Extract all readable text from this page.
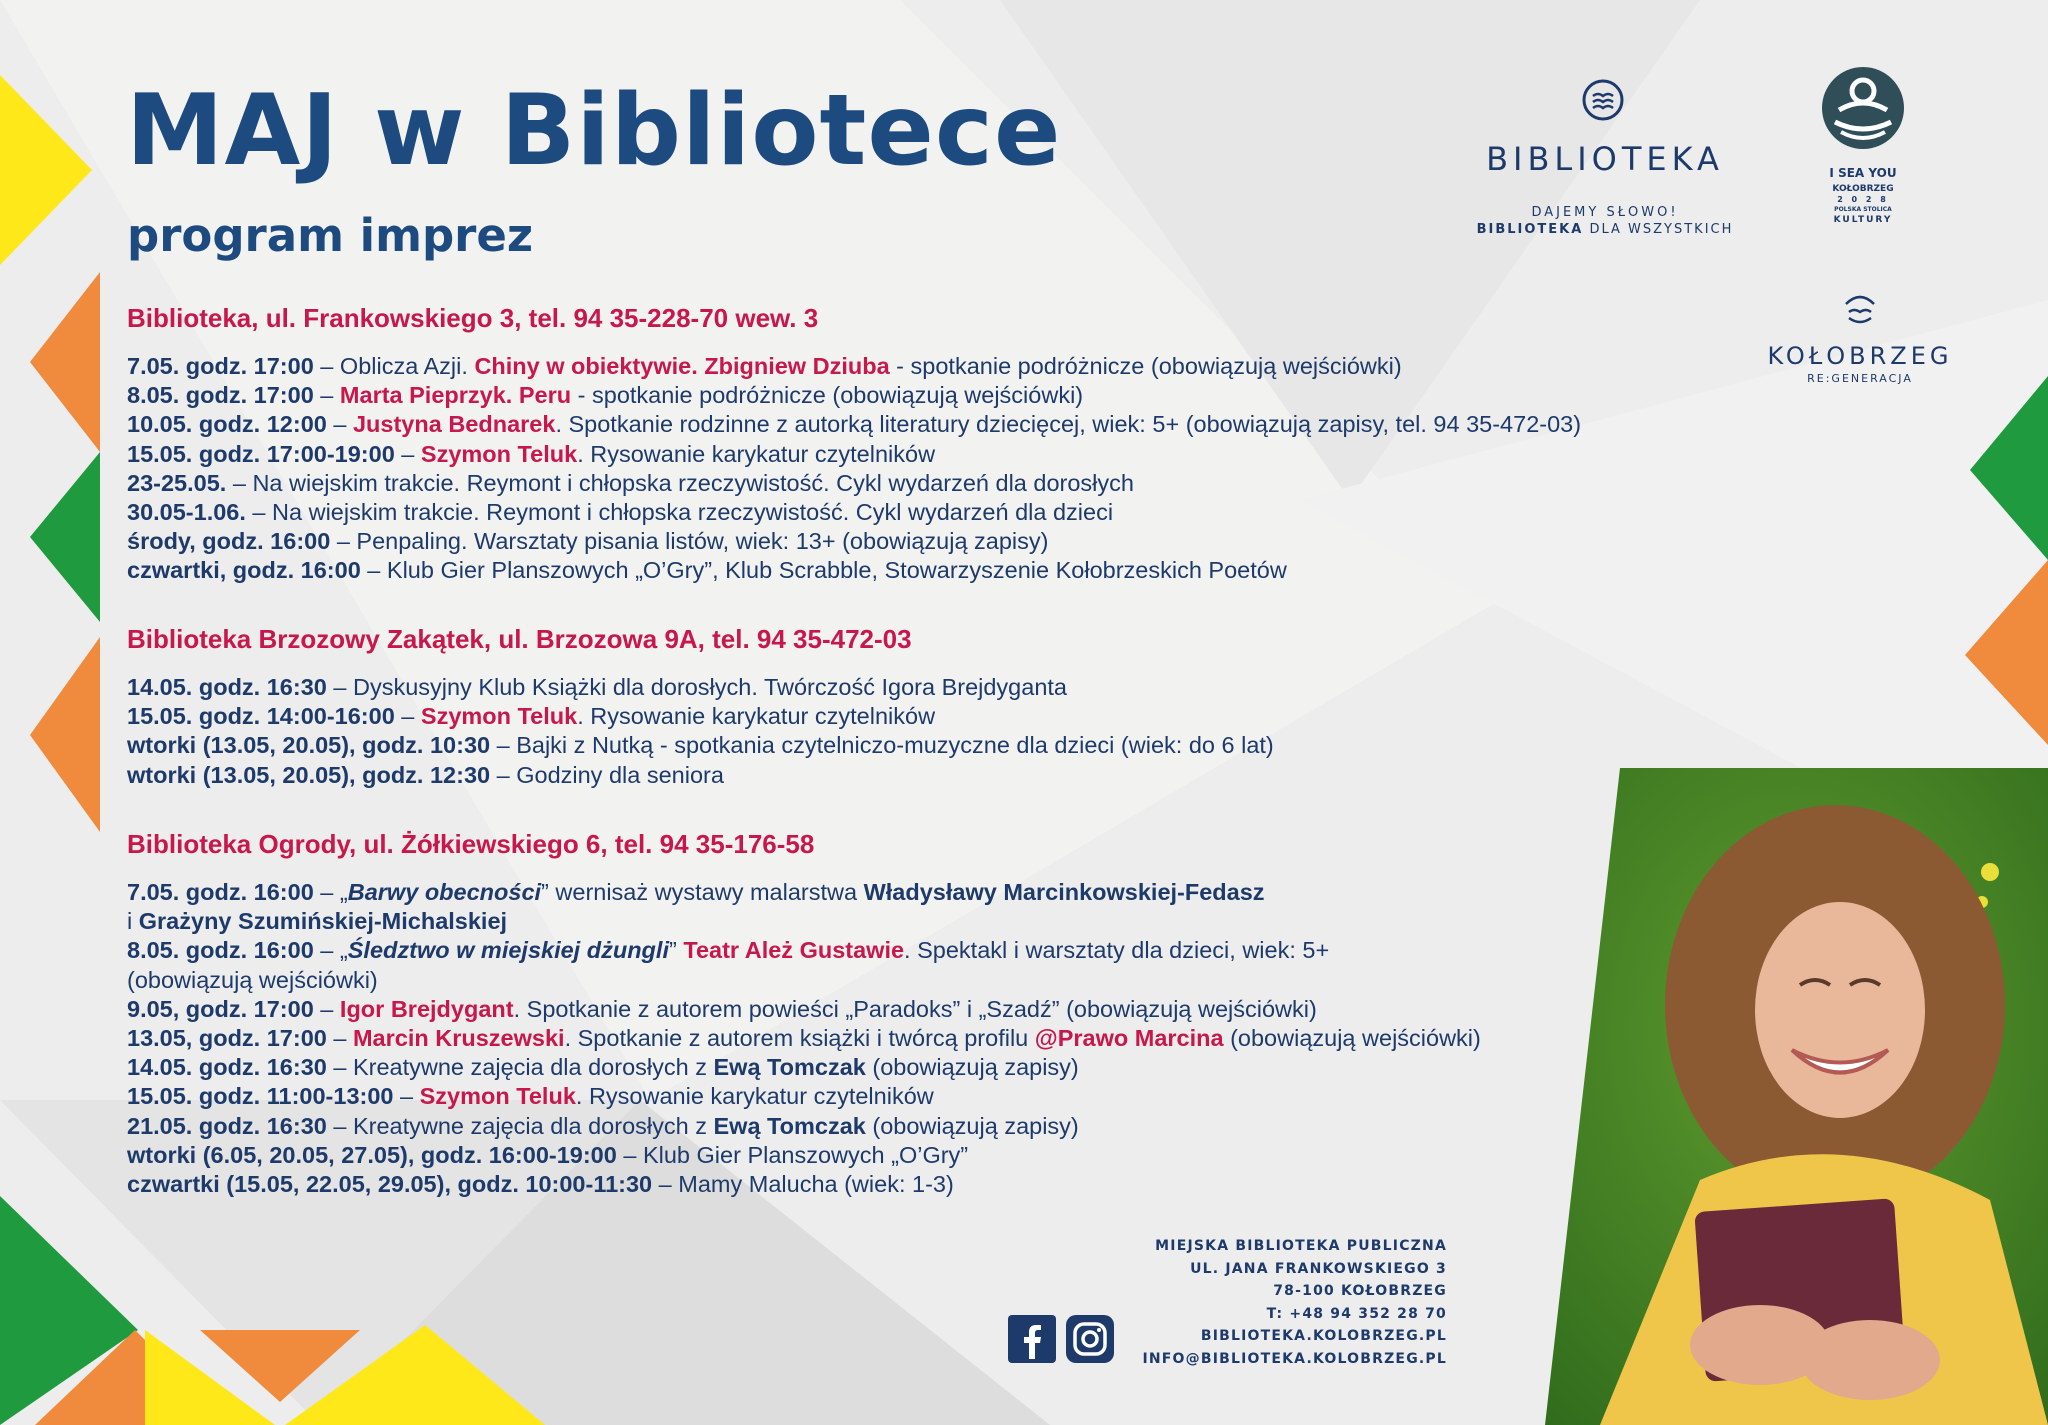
MAJ w Bibliotece
program imprez
BIBLIOTEKA
DAJEMY SŁOWO!
BIBLIOTEKA DLA WSZYSTKICH
I SEA YOU
KOŁOBRZEG
2 0 2 8
POLSKA STOLICA
KULTURY
KOŁOBRZEG
RE:GENERACJA
Biblioteka, ul. Frankowskiego 3, tel. 94 35-228-70 wew. 3
7.05. godz. 17:00 – Oblicza Azji. Chiny w obiektywie. Zbigniew Dziuba - spotkanie podróżnicze (obowiązują wejściówki)
8.05. godz. 17:00 – Marta Pieprzyk. Peru - spotkanie podróżnicze (obowiązują wejściówki)
10.05. godz. 12:00 – Justyna Bednarek. Spotkanie rodzinne z autorką literatury dziecięcej, wiek: 5+ (obowiązują zapisy, tel. 94 35-472-03)
15.05. godz. 17:00-19:00 – Szymon Teluk. Rysowanie karykatur czytelników
23-25.05. – Na wiejskim trakcie. Reymont i chłopska rzeczywistość. Cykl wydarzeń dla dorosłych
30.05-1.06. – Na wiejskim trakcie. Reymont i chłopska rzeczywistość. Cykl wydarzeń dla dzieci
środy, godz. 16:00 – Penpaling. Warsztaty pisania listów, wiek: 13+ (obowiązują zapisy)
czwartki, godz. 16:00 – Klub Gier Planszowych „O’Gry”, Klub Scrabble, Stowarzyszenie Kołobrzeskich Poetów
Biblioteka Brzozowy Zakątek, ul. Brzozowa 9A, tel. 94 35-472-03
14.05. godz. 16:30 – Dyskusyjny Klub Książki dla dorosłych. Twórczość Igora Brejdyganta
15.05. godz. 14:00-16:00 – Szymon Teluk. Rysowanie karykatur czytelników
wtorki (13.05, 20.05), godz. 10:30 – Bajki z Nutką - spotkania czytelniczo-muzyczne dla dzieci (wiek: do 6 lat)
wtorki (13.05, 20.05), godz. 12:30 – Godziny dla seniora
Biblioteka Ogrody, ul. Żółkiewskiego 6, tel. 94 35-176-58
7.05. godz. 16:00 – „Barwy obecności” wernisaż wystawy malarstwa Władysławy Marcinkowskiej-Fedasz
i Grażyny Szumińskiej-Michalskiej
8.05. godz. 16:00 – „Śledztwo w miejskiej dżungli” Teatr Ależ Gustawie. Spektakl i warsztaty dla dzieci, wiek: 5+
(obowiązują wejściówki)
9.05, godz. 17:00 – Igor Brejdygant. Spotkanie z autorem powieści „Paradoks” i „Szadź” (obowiązują wejściówki)
13.05, godz. 17:00 – Marcin Kruszewski. Spotkanie z autorem książki i twórcą profilu @Prawo Marcina (obowiązują wejściówki)
14.05. godz. 16:30 – Kreatywne zajęcia dla dorosłych z Ewą Tomczak (obowiązują zapisy)
15.05. godz. 11:00-13:00 – Szymon Teluk. Rysowanie karykatur czytelników
21.05. godz. 16:30 – Kreatywne zajęcia dla dorosłych z Ewą Tomczak (obowiązują zapisy)
wtorki (6.05, 20.05, 27.05), godz. 16:00-19:00 – Klub Gier Planszowych „O’Gry”
czwartki (15.05, 22.05, 29.05), godz. 10:00-11:30 – Mamy Malucha (wiek: 1-3)
MIEJSKA BIBLIOTEKA PUBLICZNA
UL. JANA FRANKOWSKIEGO 3
78-100 KOŁOBRZEG
T: +48 94 352 28 70
BIBLIOTEKA.KOLOBRZEG.PL
INFO@BIBLIOTEKA.KOLOBRZEG.PL
